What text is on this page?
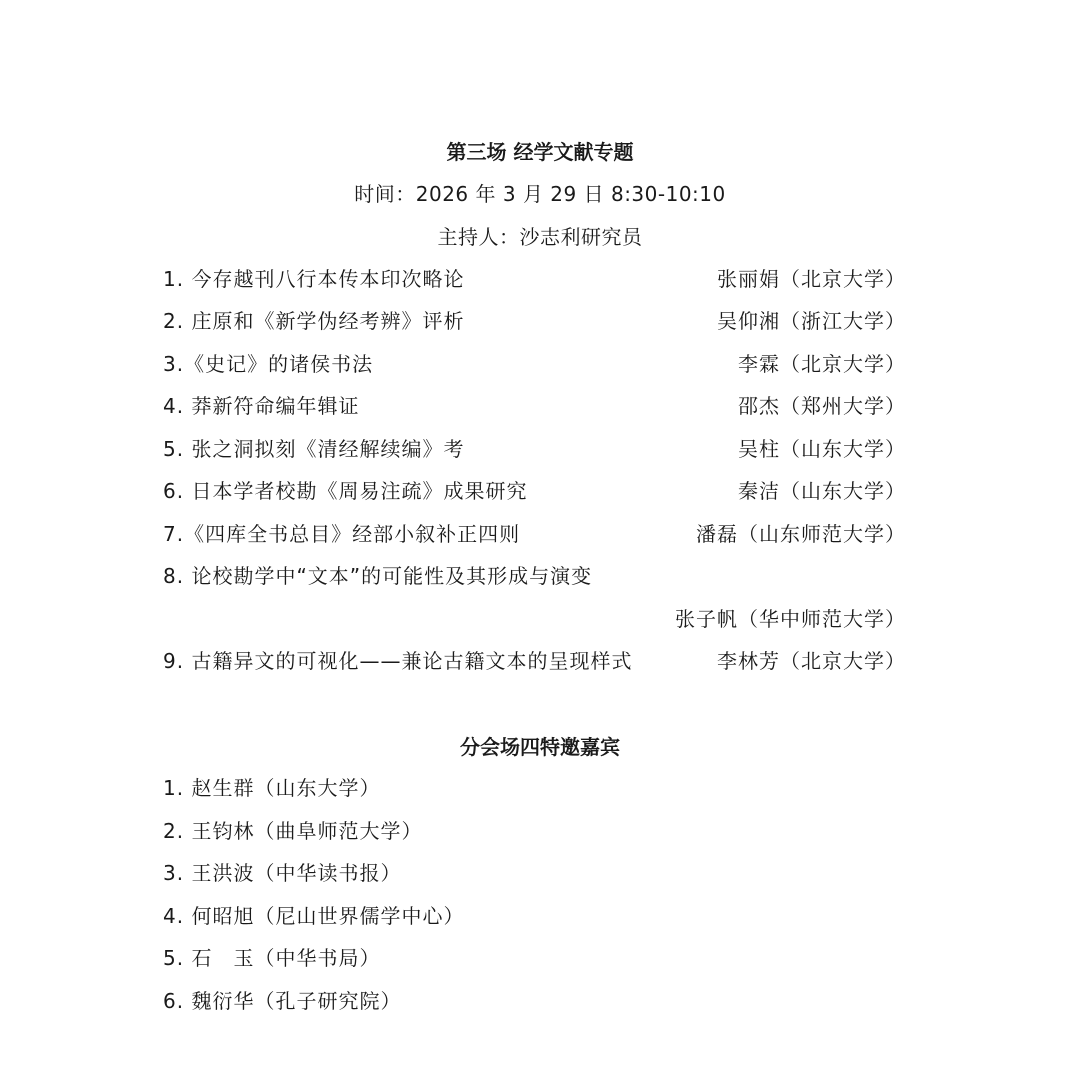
第三场 经学文献专题
时间：2026 年 3 月 29 日 8:30-10:10
主持人：沙志利研究员
1. 今存越刊八行本传本印次略论	张丽娟（北京大学）
2. 庄原和《新学伪经考辨》评析	吴仰湘（浙江大学）
3.《史记》的诸侯书法	李霖（北京大学）
4. 莽新符命编年辑证	邵杰（郑州大学）
5. 张之洞拟刻《清经解续编》考	吴柱（山东大学）
6. 日本学者校勘《周易注疏》成果研究	秦洁（山东大学）
7.《四库全书总目》经部小叙补正四则	潘磊（山东师范大学）
8. 论校勘学中“文本”的可能性及其形成与演变
张子帆（华中师范大学）
9. 古籍异文的可视化——兼论古籍文本的呈现样式	李林芳（北京大学）
分会场四特邀嘉宾
1. 赵生群（山东大学）
2. 王钧林（曲阜师范大学）
3. 王洪波（中华读书报）
4. 何昭旭（尼山世界儒学中心）
5. 石　玉（中华书局）
6. 魏衍华（孔子研究院）
